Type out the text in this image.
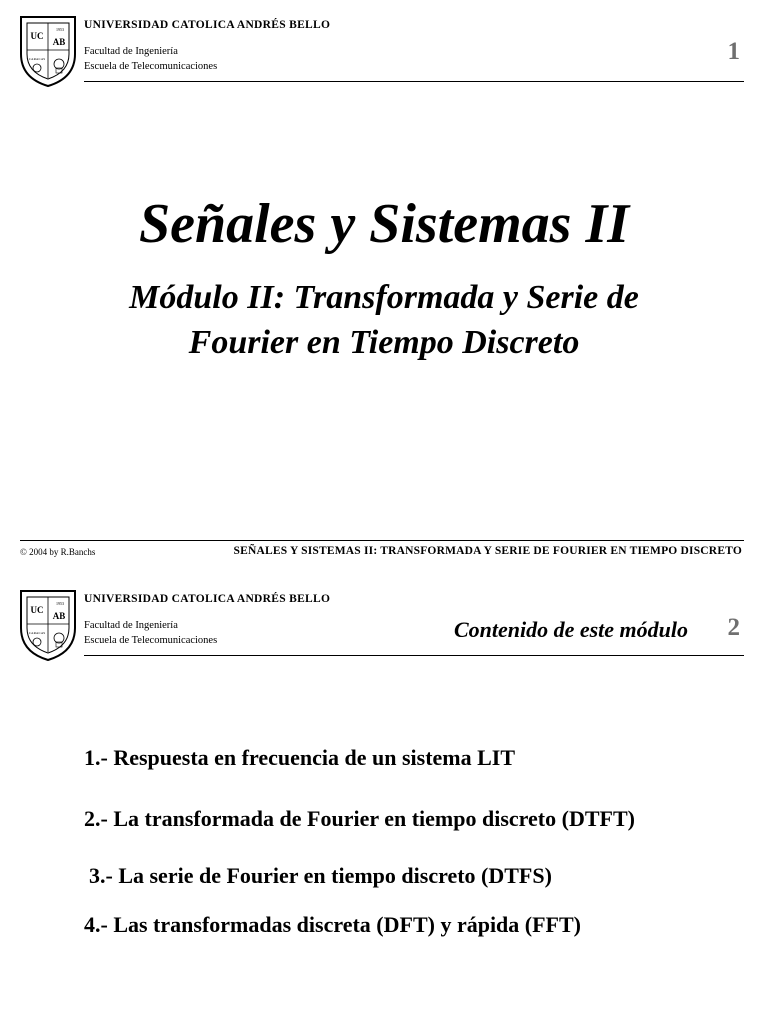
UC
AB
1953
CARACAS
UNIVERSIDAD CATOLICA ANDRÉS BELLO
Facultad de Ingeniería
Escuela de Telecomunicaciones
1
Señales y Sistemas II
Módulo II: Transformada y Serie de
Fourier en Tiempo Discreto
© 2004 by R.Banchs	SEÑALES Y SISTEMAS II: TRANSFORMADA Y SERIE DE FOURIER EN TIEMPO DISCRETO
UC
AB
1953
CARACAS
UNIVERSIDAD CATOLICA ANDRÉS BELLO
Facultad de Ingeniería
Escuela de Telecomunicaciones	Contenido de este módulo 2
1.- Respuesta en frecuencia de un sistema LIT
2.- La transformada de Fourier en tiempo discreto (DTFT)
3.- La serie de Fourier en tiempo discreto (DTFS)
4.- Las transformadas discreta (DFT) y rápida (FFT)
